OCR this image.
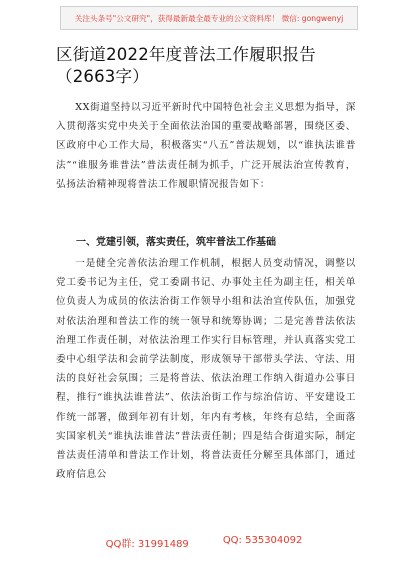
关注头条号"公文研究"，获得最新最全最专业的公文资料库！ 微信: gongwenyj
区街道2022年度普法工作履职报告（2663字）

XX街道坚持以习近平新时代中国特色社会主义思想为指导，深入贯彻落实党中央关于全面依法治国的重要战略部署，围绕区委、区政府中心工作大局，积极落实“八五”普法规划，以“谁执法谁普法”“谁服务谁普法”普法责任制为抓手，广泛开展法治宣传教育，弘扬法治精神现将普法工作履职情况报告如下：

一、党建引领，落实责任，筑牢普法工作基础

一是健全完善依法治理工作机制，根据人员变动情况，调整以党工委书记为主任，党工委副书记、办事处主任为副主任，相关单位负责人为成员的依法治街工作领导小组和法治宣传队伍，加强党对依法治理和普法工作的统一领导和统筹协调；二是完善普法依法治理工作责任制，对依法治理工作实行目标管理，并认真落实党工委中心组学法和会前学法制度，形成领导干部带头学法、守法、用法的良好社会氛围；三是将普法、依法治理工作纳入街道办公事日程，推行“谁执法谁普法”、依法治街工作与综治信访、平安建设工作统一部署，做到年初有计划，年内有考核，年终有总结，全面落实国家机关“谁执法谁普法”普法责任制；四是结合街道实际，制定普法责任清单和普法工作计划，将普法责任分解至具体部门，通过政府信息公

QQ群: 31991489	QQ: 535304092
